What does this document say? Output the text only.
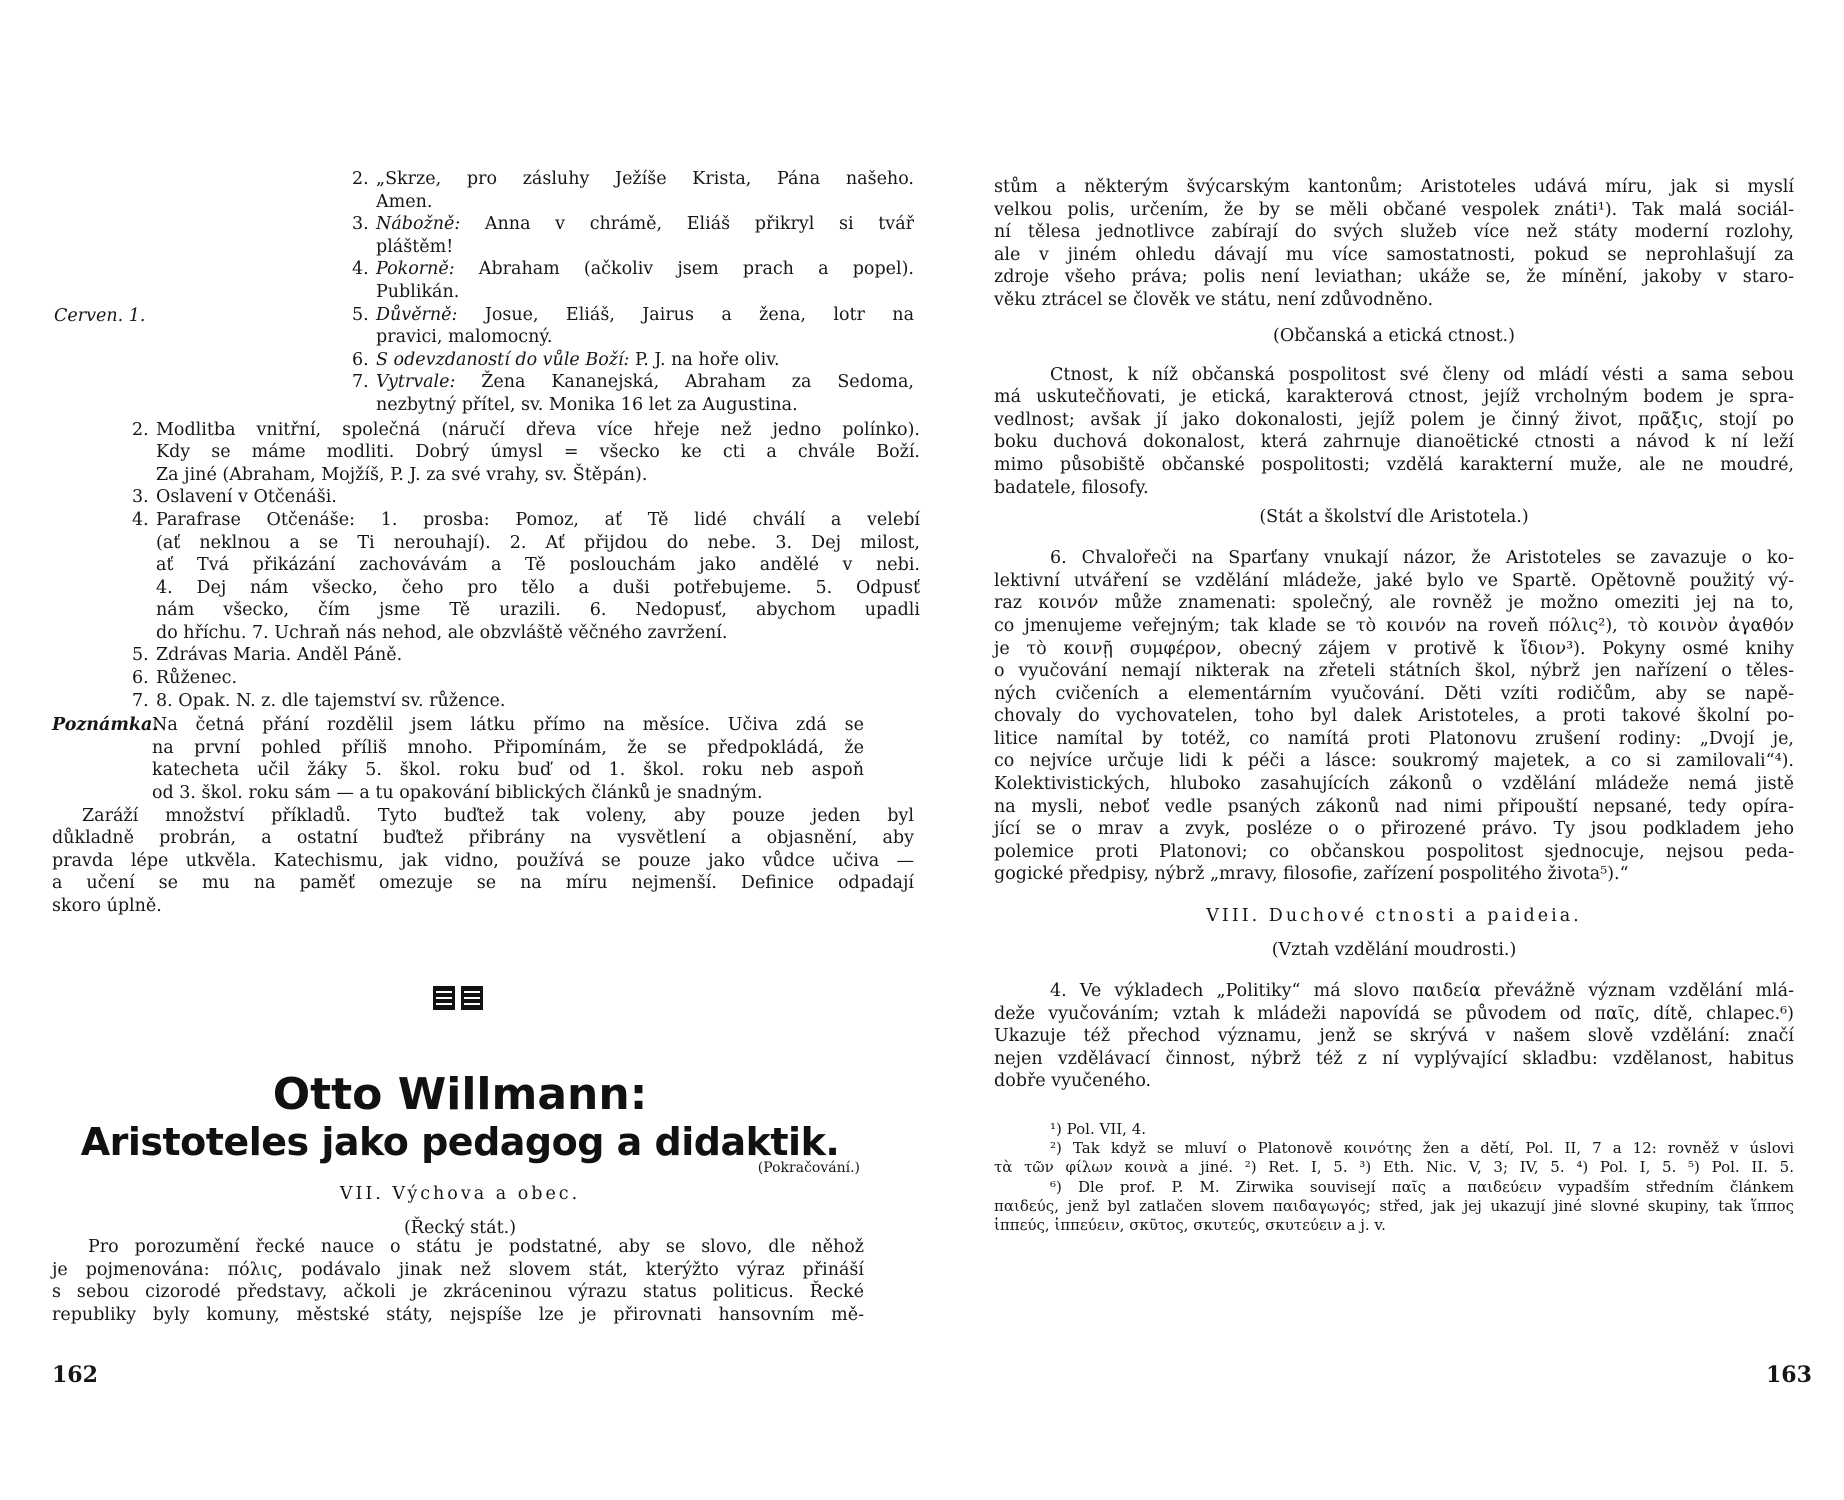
Cerven. 1.
2. „Skrze, pro zásluhy Ježíše Krista, Pána našeho.
Amen.
3. Nábožně: Anna v chrámě, Eliáš přikryl si tvář
pláštěm!
4. Pokorně: Abraham (ačkoliv jsem prach a popel).
Publikán.
5. Důvěrně: Josue, Eliáš, Jairus a žena, lotr na
pravici, malomocný.
6. S odevzdaností do vůle Boží: P. J. na hoře oliv.
7. Vytrvale: Žena Kananejská, Abraham za Sedoma,
nezbytný přítel, sv. Monika 16 let za Augustina.
2. Modlitba vnitřní, společná (náručí dřeva více hřeje než jedno polínko).
Kdy se máme modliti. Dobrý úmysl = všecko ke cti a chvále Boží.
Za jiné (Abraham, Mojžíš, P. J. za své vrahy, sv. Štěpán).
3. Oslavení v Otčenáši.
4. Parafrase Otčenáše: 1. prosba: Pomoz, ať Tě lidé chválí a velebí
(ať neklnou a se Ti nerouhají). 2. Ať přijdou do nebe. 3. Dej milost,
ať Tvá přikázání zachovávám a Tě poslouchám jako andělé v nebi.
4. Dej nám všecko, čeho pro tělo a duši potřebujeme. 5. Odpusť
nám všecko, čím jsme Tě urazili. 6. Nedopusť, abychom upadli
do hříchu. 7. Uchraň nás nehod, ale obzvláště věčného zavržení.
5. Zdrávas Maria. Anděl Páně.
6. Růženec.
7. 8. Opak. N. z. dle tajemství sv. růžence.
Poznámka.
Na četná přání rozdělil jsem látku přímo na měsíce. Učiva zdá se
na první pohled příliš mnoho. Připomínám, že se předpokládá, že
katecheta učil žáky 5. škol. roku buď od 1. škol. roku neb aspoň
od 3. škol. roku sám — a tu opakování biblických článků je snadným.
Zaráží množství příkladů. Tyto buďtež tak voleny, aby pouze jeden byl
důkladně probrán, a ostatní buďtež přibrány na vysvětlení a objasnění, aby
pravda lépe utkvěla. Katechismu, jak vidno, používá se pouze jako vůdce učiva —
a učení se mu na paměť omezuje se na míru nejmenší. Definice odpadají
skoro úplně.
Otto Willmann:
Aristoteles jako pedagog a didaktik.
(Pokračování.)
VII. Výchova a obec.
(Řecký stát.)
Pro porozumění řecké nauce o státu je podstatné, aby se slovo, dle něhož
je pojmenována: πόλις, podávalo jinak než slovem stát, kterýžto výraz přináší
s sebou cizorodé představy, ačkoli je zkráceninou výrazu status politicus. Řecké
republiky byly komuny, městské státy, nejspíše lze je přirovnati hansovním mě-
162
stům a některým švýcarským kantonům; Aristoteles udává míru, jak si myslí
velkou polis, určením, že by se měli občané vespolek znáti¹). Tak malá sociál-
ní tělesa jednotlivce zabírají do svých služeb více než státy moderní rozlohy,
ale v jiném ohledu dávají mu více samostatnosti, pokud se neprohlašují za
zdroje všeho práva; polis není leviathan; ukáže se, že mínění, jakoby v staro-
věku ztrácel se člověk ve státu, není zdůvodněno.
(Občanská a etická ctnost.)
Ctnost, k níž občanská pospolitost své členy od mládí vésti a sama sebou
má uskutečňovati, je etická, karakterová ctnost, jejíž vrcholným bodem je spra-
vedlnost; avšak jí jako dokonalosti, jejíž polem je činný život, πρᾶξις, stojí po
boku duchová dokonalost, která zahrnuje dianoëtické ctnosti a návod k ní leží
mimo působiště občanské pospolitosti; vzdělá karakterní muže, ale ne moudré,
badatele, filosofy.
(Stát a školství dle Aristotela.)
6. Chvalořeči na Sparťany vnukají názor, že Aristoteles se zavazuje o ko-
lektivní utváření se vzdělání mládeže, jaké bylo ve Spartě. Opětovně použitý vý-
raz κοινόν může znamenati: společný, ale rovněž je možno omeziti jej na to,
co jmenujeme veřejným; tak klade se τὸ κοινόν na roveň πόλις²), τὸ κοινὸν ἀγαθόν
je τὸ κοινῇ συμφέρον, obecný zájem v protivě k ἴδιον³). Pokyny osmé knihy
o vyučování nemají nikterak na zřeteli státních škol, nýbrž jen nařízení o těles-
ných cvičeních a elementárním vyučování. Děti vzíti rodičům, aby se napě-
chovaly do vychovatelen, toho byl dalek Aristoteles, a proti takové školní po-
litice namítal by totéž, co namítá proti Platonovu zrušení rodiny: „Dvojí je,
co nejvíce určuje lidi k péči a lásce: soukromý majetek, a co si zamilovali“⁴).
Kolektivistických, hluboko zasahujících zákonů o vzdělání mládeže nemá jistě
na mysli, neboť vedle psaných zákonů nad nimi připouští nepsané, tedy opíra-
jící se o mrav a zvyk, posléze o o přirozené právo. Ty jsou podkladem jeho
polemice proti Platonovi; co občanskou pospolitost sjednocuje, nejsou peda-
gogické předpisy, nýbrž „mravy, filosofie, zařízení pospolitého života⁵).“
VIII. Duchové ctnosti a paideia.
(Vztah vzdělání moudrosti.)
4. Ve výkladech „Politiky“ má slovo παιδεία převážně význam vzdělání mlá-
deže vyučováním; vztah k mládeži napovídá se původem od παῖς, dítě, chlapec.⁶)
Ukazuje též přechod významu, jenž se skrývá v našem slově vzdělání: značí
nejen vzdělávací činnost, nýbrž též z ní vyplývající skladbu: vzdělanost, habitus
dobře vyučeného.
¹) Pol. VII, 4.
²) Tak když se mluví o Platonově κοινότης žen a dětí, Pol. II, 7 a 12: rovněž v úslovi
τὰ τῶν φίλων κοινὰ a jiné. ²) Ret. I, 5. ³) Eth. Nic. V, 3; IV, 5. ⁴) Pol. I, 5. ⁵) Pol. II. 5.
⁶) Dle prof. P. M. Zirwika souvisejí παῖς a παιδεύειν vypadším středním článkem
παιδεύς, jenž byl zatlačen slovem παιδαγωγός; střed, jak jej ukazují jiné slovné skupiny, tak ἵππος
ἱππεύς, ἱππεύειν, σκῦτος, σκυτεύς, σκυτεύειν a j. v.
163
